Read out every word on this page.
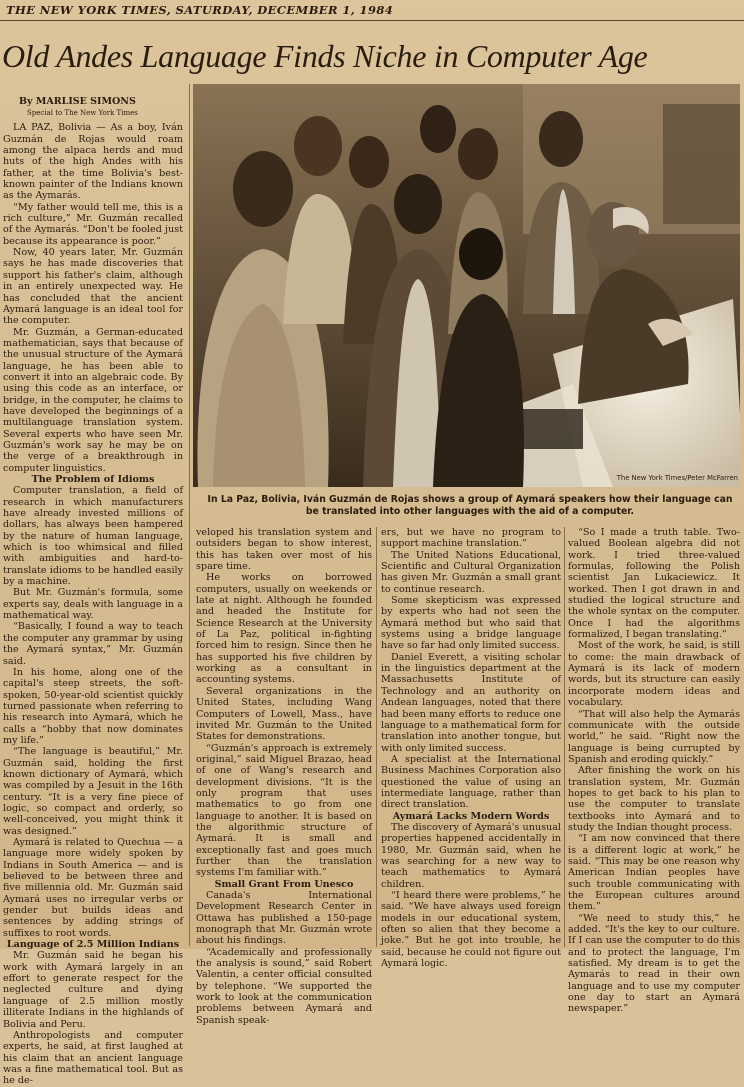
THE NEW YORK TIMES, SATURDAY, DECEMBER 1, 1984
Old Andes Language Finds Niche in Computer Age
By MARLISE SIMONS
Special to The New York Times

LA PAZ, Bolivia — As a boy, Iván Guzmán de Rojas would roam among the alpaca herds and mud huts of the high Andes with his father, at the time Bolivia's best-known painter of the Indians known as the Aymarás.

“My father would tell me, this is a rich culture,” Mr. Guzmán recalled of the Aymarás. “Don't be fooled just because its appearance is poor.”

Now, 40 years later, Mr. Guzmán says he has made discoveries that support his father's claim, although in an entirely unexpected way. He has concluded that the ancient Aymará language is an ideal tool for the computer.

Mr. Guzmán, a German-educated mathematician, says that because of the unusual structure of the Aymará language, he has been able to convert it into an algebraic code. By using this code as an interface, or bridge, in the computer, he claims to have developed the beginnings of a multilanguage translation system. Several experts who have seen Mr. Guzmán's work say he may be on the verge of a breakthrough in computer linguistics.

The Problem of Idioms

Computer translation, a field of research in which manufacturers have already invested millions of dollars, has always been hampered by the nature of human language, which is too whimsical and filled with ambiguities and hard-to-translate idioms to be handled easily by a machine.

But Mr. Guzmán's formula, some experts say, deals with language in a mathematical way.

“Basically, I found a way to teach the computer any grammar by using the Aymará syntax,” Mr. Guzmán said.

In his home, along one of the capital's steep streets, the soft-spoken, 50-year-old scientist quickly turned passionate when referring to his research into Aymará, which he calls a “hobby that now dominates my life.”

“The language is beautiful,” Mr. Guzmán said, holding the first known dictionary of Aymará, which was compiled by a Jesuit in the 16th century. “It is a very fine piece of logic, so compact and orderly, so well-conceived, you might think it was designed.”

Aymará is related to Quechua — a language more widely spoken by Indians in South America — and is believed to be between three and five millennia old. Mr. Guzmán said Aymará uses no irregular verbs or gender but builds ideas and sentences by adding strings of suffixes to root words.

Language of 2.5 Million Indians

Mr. Guzmán said he began his work with Aymará largely in an effort to generate respect for the neglected culture and dying language of 2.5 million mostly illiterate Indians in the highlands of Bolivia and Peru.

Anthropologists and computer experts, he said, at first laughed at his claim that an ancient language was a fine mathematical tool. But as he de-

The New York Times/Peter McFarren
In La Paz, Bolivia, Iván Guzmán de Rojas shows a group of Aymará speakers how their language can be translated into other languages with the aid of a computer.

veloped his translation system and outsiders began to show interest, this has taken over most of his spare time.

He works on borrowed computers, usually on weekends or late at night. Although he founded and headed the Institute for Science Research at the University of La Paz, political in-fighting forced him to resign. Since then he has supported his five children by working as a consultant in accounting systems.

Several organizations in the United States, including Wang Computers of Lowell, Mass., have invited Mr. Guzmán to the United States for demonstrations.

“Guzmán's approach is extremely original,” said Miguel Brazao, head of one of Wang's research and development divisions. “It is the only program that uses mathematics to go from one language to another. It is based on the algorithmic structure of Aymará. It is small and exceptionally fast and goes much further than the translation systems I'm familiar with.”

Small Grant From Unesco

Canada's International Development Research Center in Ottawa has published a 150-page monograph that Mr. Guzmán wrote about his findings.

“Academically and professionally the analysis is sound,” said Robert Valentin, a center official consulted by telephone. “We supported the work to look at the communication problems between Aymará and Spanish speak-

ers, but we have no program to support machine translation.”

The United Nations Educational, Scientific and Cultural Organization has given Mr. Guzmán a small grant to continue research.

Some skepticism was expressed by experts who had not seen the Aymará method but who said that systems using a bridge language have so far had only limited success.

Daniel Everett, a visiting scholar in the linguistics department at the Massachusetts Institute of Technology and an authority on Andean languages, noted that there had been many efforts to reduce one language to a mathematical form for translation into another tongue, but with only limited success.

A specialist at the International Business Machines Corporation also questioned the value of using an intermediate language, rather than direct translation.

Aymará Lacks Modern Words

The discovery of Aymará's unusual properties happened accidentally in 1980, Mr. Guzmán said, when he was searching for a new way to teach mathematics to Aymará children.

“I heard there were problems,” he said. “We have always used foreign models in our educational system, often so alien that they become a joke.” But he got into trouble, he said, because he could not figure out Aymará logic.

“So I made a truth table. Two-valued Boolean algebra did not work. I tried three-valued formulas, following the Polish scientist Jan Lukaciewicz. It worked. Then I got drawn in and studied the logical structure and the whole syntax on the computer. Once I had the algorithms formalized, I began translating.”

Most of the work, he said, is still to come: the main drawback of Aymará is its lack of modern words, but its structure can easily incorporate modern ideas and vocabulary.

“That will also help the Aymarás communicate with the outside world,” he said. “Right now the language is being currupted by Spanish and eroding quickly.”

After finishing the work on his translation system, Mr. Guzmán hopes to get back to his plan to use the computer to translate textbooks into Aymará and to study the Indian thought process.

“I am now convinced that there is a different logic at work,” he said. “This may be one reason why American Indian peoples have such trouble communicating with the European cultures around them.”

“We need to study this,” he added. “It's the key to our culture. If I can use the computer to do this and to protect the language, I'm satisfied. My dream is to get the Aymarás to read in their own language and to use my computer one day to start an Aymará newspaper.”
